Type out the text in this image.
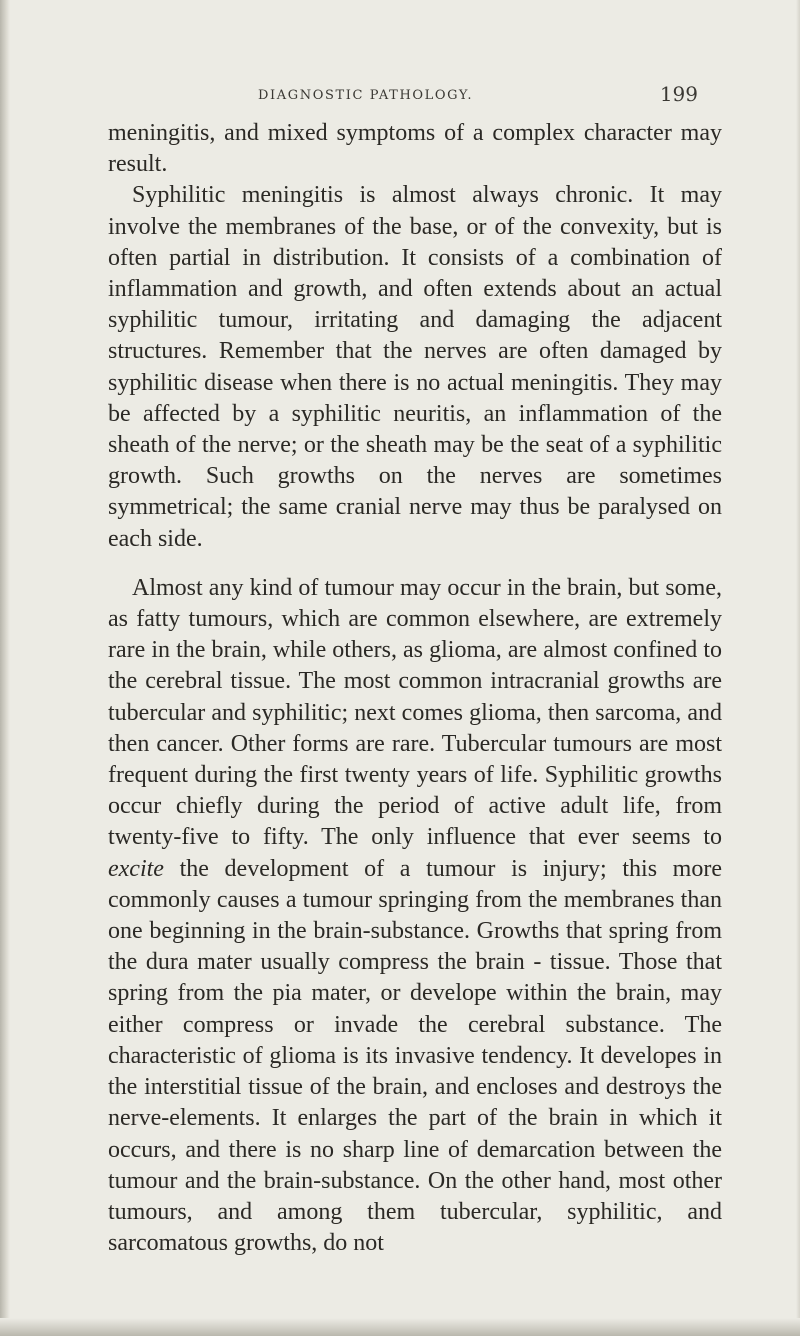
DIAGNOSTIC PATHOLOGY.	199

meningitis, and mixed symptoms of a complex character may result.

Syphilitic meningitis is almost always chronic. It may involve the membranes of the base, or of the convexity, but is often partial in distribution. It consists of a combination of inflammation and growth, and often extends about an actual syphilitic tumour, irritating and damaging the adjacent structures. Remember that the nerves are often damaged by syphilitic disease when there is no actual meningitis. They may be affected by a syphilitic neuritis, an inflammation of the sheath of the nerve; or the sheath may be the seat of a syphilitic growth. Such growths on the nerves are sometimes symmetrical; the same cranial nerve may thus be paralysed on each side.

Almost any kind of tumour may occur in the brain, but some, as fatty tumours, which are common elsewhere, are extremely rare in the brain, while others, as glioma, are almost confined to the cerebral tissue. The most common intracranial growths are tubercular and syphilitic; next comes glioma, then sarcoma, and then cancer. Other forms are rare. Tubercular tumours are most frequent during the first twenty years of life. Syphilitic growths occur chiefly during the period of active adult life, from twenty-five to fifty. The only influence that ever seems to excite the development of a tumour is injury; this more commonly causes a tumour springing from the membranes than one beginning in the brain-substance. Growths that spring from the dura mater usually compress the brain - tissue. Those that spring from the pia mater, or develope within the brain, may either compress or invade the cerebral substance. The characteristic of glioma is its invasive tendency. It developes in the interstitial tissue of the brain, and encloses and destroys the nerve-elements. It enlarges the part of the brain in which it occurs, and there is no sharp line of demarcation between the tumour and the brain-substance. On the other hand, most other tumours, and among them tubercular, syphilitic, and sarcomatous growths, do not
